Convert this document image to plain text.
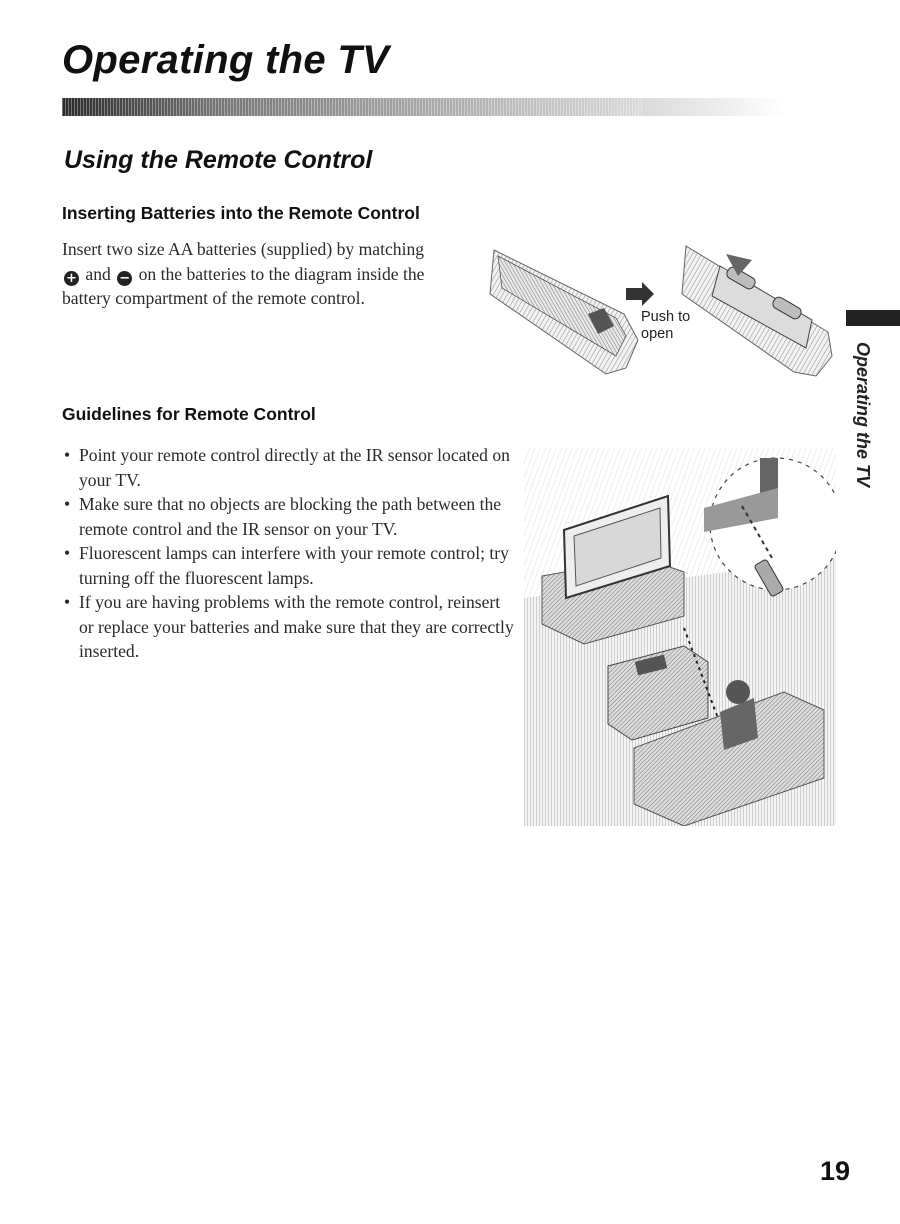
Operating the TV
Using the Remote Control
Inserting Batteries into the Remote Control

Insert two size AA batteries (supplied) by matching + and − on the batteries to the diagram inside the battery compartment of the remote control.

Push to
open
Guidelines for Remote Control
• Point your remote control directly at the IR sensor located on your TV.
• Make sure that no objects are blocking the path between the remote control and the IR sensor on your TV.
• Fluorescent lamps can interfere with your remote control; try turning off the fluorescent lamps.
• If you are having problems with the remote control, reinsert or replace your batteries and make sure that they are correctly inserted.
Operating the TV
19
